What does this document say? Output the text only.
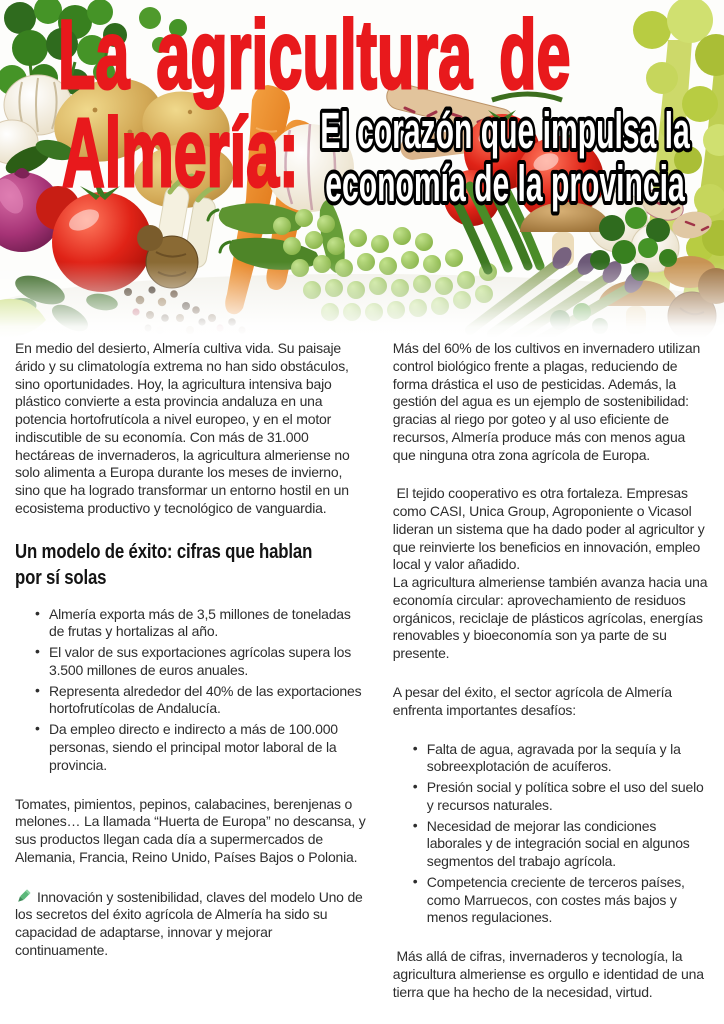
La agricultura de
Almería: El corazón que impulsa la
economía de la provincia

En medio del desierto, Almería cultiva vida. Su paisaje árido y su climatología extrema no han sido obstáculos, sino oportunidades. Hoy, la agricultura intensiva bajo plástico convierte a esta provincia andaluza en una potencia hortofrutícola a nivel europeo, y en el motor indiscutible de su economía. Con más de 31.000 hectáreas de invernaderos, la agricultura almeriense no solo alimenta a Europa durante los meses de invierno, sino que ha logrado transformar un entorno hostil en un ecosistema productivo y tecnológico de vanguardia.

Un modelo de éxito: cifras que hablan
por sí solas
• Almería exporta más de 3,5 millones de toneladas de frutas y hortalizas al año.
• El valor de sus exportaciones agrícolas supera los 3.500 millones de euros anuales.
• Representa alrededor del 40% de las exportaciones hortofrutícolas de Andalucía.
• Da empleo directo e indirecto a más de 100.000 personas, siendo el principal motor laboral de la provincia.

Tomates, pimientos, pepinos, calabacines, berenjenas o melones… La llamada “Huerta de Europa” no descansa, y sus productos llegan cada día a supermercados de Alemania, Francia, Reino Unido, Países Bajos o Polonia.

Innovación y sostenibilidad, claves del modelo Uno de los secretos del éxito agrícola de Almería ha sido su capacidad de adaptarse, innovar y mejorar continuamente.

Más del 60% de los cultivos en invernadero utilizan control biológico frente a plagas, reduciendo de forma drástica el uso de pesticidas. Además, la gestión del agua es un ejemplo de sostenibilidad: gracias al riego por goteo y al uso eficiente de recursos, Almería produce más con menos agua que ninguna otra zona agrícola de Europa.

El tejido cooperativo es otra fortaleza. Empresas como CASI, Unica Group, Agroponiente o Vicasol lideran un sistema que ha dado poder al agricultor y que reinvierte los beneficios en innovación, empleo local y valor añadido.

La agricultura almeriense también avanza hacia una economía circular: aprovechamiento de residuos orgánicos, reciclaje de plásticos agrícolas, energías renovables y bioeconomía son ya parte de su presente.

A pesar del éxito, el sector agrícola de Almería enfrenta importantes desafíos:

• Falta de agua, agravada por la sequía y la sobreexplotación de acuíferos.
• Presión social y política sobre el uso del suelo y recursos naturales.
• Necesidad de mejorar las condiciones laborales y de integración social en algunos segmentos del trabajo agrícola.
• Competencia creciente de terceros países, como Marruecos, con costes más bajos y menos regulaciones.

Más allá de cifras, invernaderos y tecnología, la agricultura almeriense es orgullo e identidad de una tierra que ha hecho de la necesidad, virtud.
